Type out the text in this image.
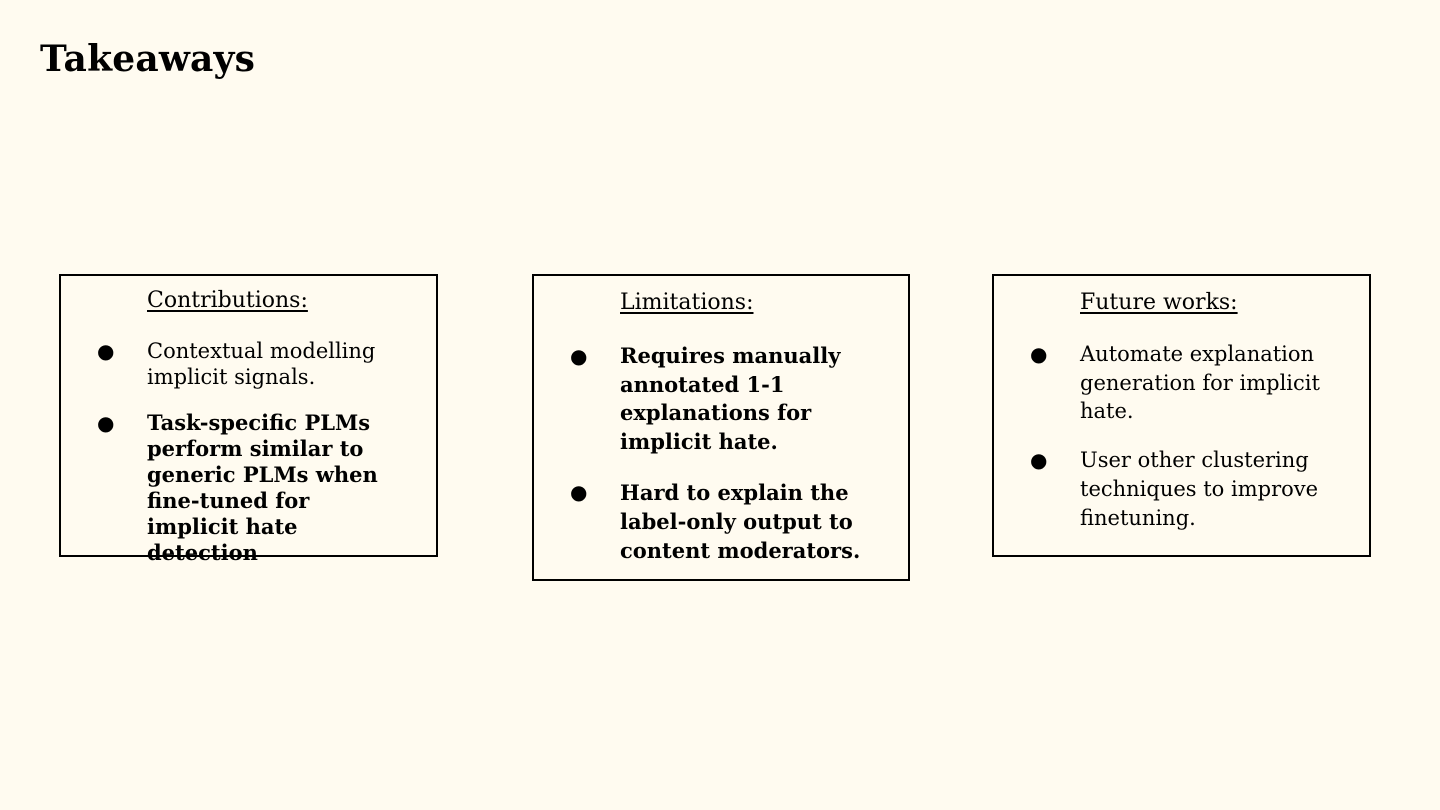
Takeaways
Contributions:
● Contextual modelling implicit signals.
● Task-specific PLMs perform similar to generic PLMs when fine-tuned for implicit hate detection
Limitations:
● Requires manually annotated 1-1 explanations for implicit hate.
● Hard to explain the label-only output to content moderators.
Future works:
● Automate explanation generation for implicit hate.
● User other clustering techniques to improve finetuning.
